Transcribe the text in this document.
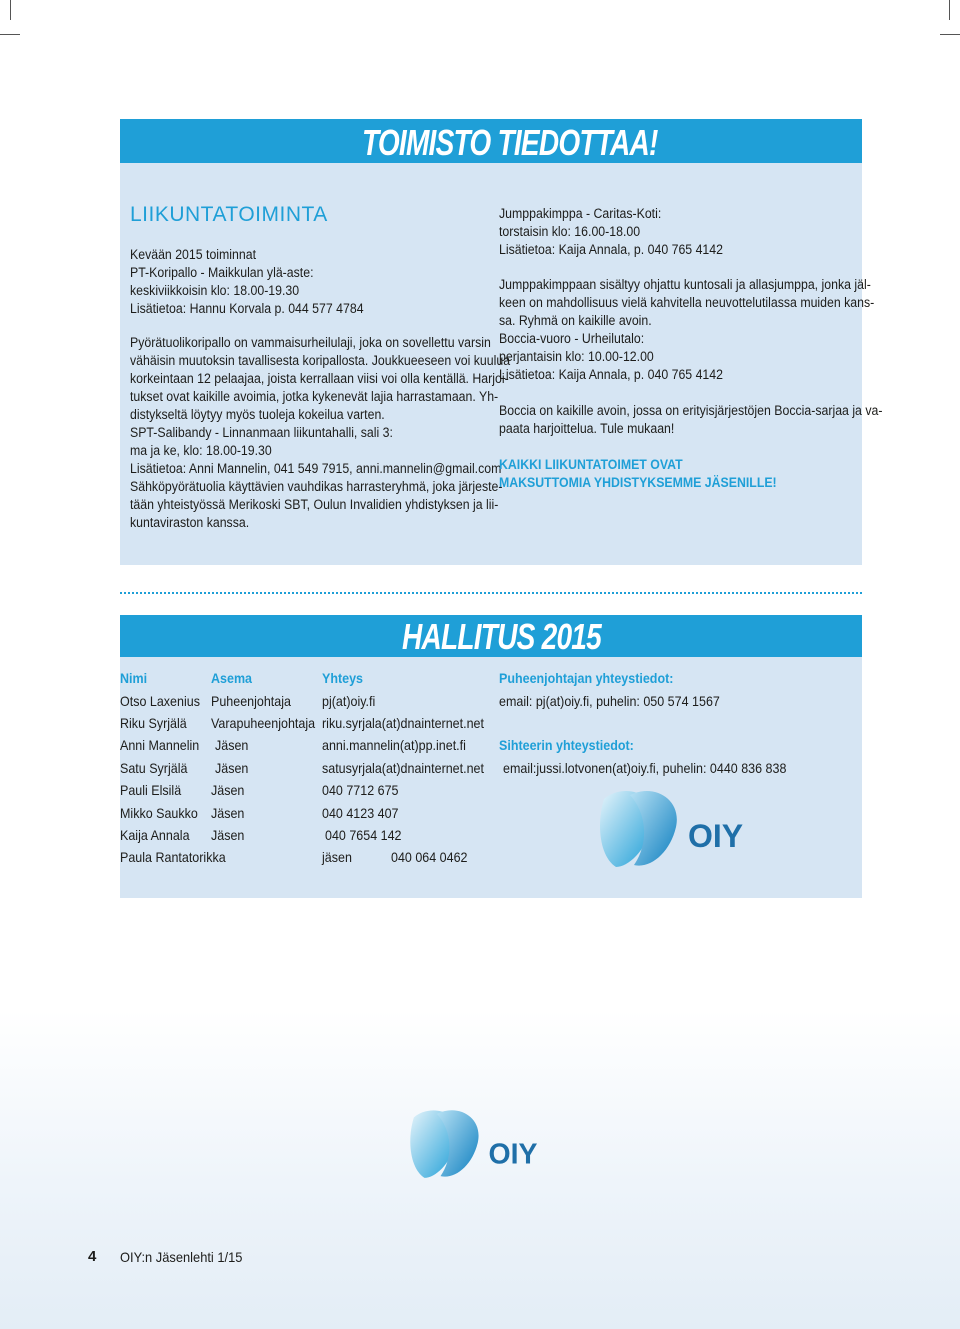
TOIMISTO TIEDOTTAA!
LIIKUNTATOIMINTA
Kevään 2015 toiminnat
PT-Koripallo - Maikkulan ylä-aste:
keskiviikkoisin klo: 18.00-19.30
Lisätietoa: Hannu Korvala p. 044 577 4784
Pyörätuolikoripallo on vammaisurheilulaji, joka on sovellettu varsin
vähäisin muutoksin tavallisesta koripallosta. Joukkueeseen voi kuulua
korkeintaan 12 pelaajaa, joista kerrallaan viisi voi olla kentällä. Harjoi-
tukset ovat kaikille avoimia, jotka kykenevät lajia harrastamaan. Yh-
distykseltä löytyy myös tuoleja kokeilua varten.
SPT-Salibandy - Linnanmaan liikuntahalli, sali 3:
ma ja ke, klo: 18.00-19.30
Lisätietoa: Anni Mannelin, 041 549 7915, anni.mannelin@gmail.com
Sähköpyörätuolia käyttävien vauhdikas harrasteryhmä, joka järjeste-
tään yhteistyössä Merikoski SBT, Oulun Invalidien yhdistyksen ja lii-
kuntaviraston kanssa.
Jumppakimppa - Caritas-Koti:
torstaisin klo: 16.00-18.00
Lisätietoa: Kaija Annala, p. 040 765 4142
Jumppakimppaan sisältyy ohjattu kuntosali ja allasjumppa, jonka jäl-
keen on mahdollisuus vielä kahvitella neuvottelutilassa muiden kans-
sa. Ryhmä on kaikille avoin.
Boccia-vuoro - Urheilutalo:
perjantaisin klo: 10.00-12.00
Lisätietoa: Kaija Annala, p. 040 765 4142
Boccia on kaikille avoin, jossa on erityisjärjestöjen Boccia-sarjaa ja va-
paata harjoittelua. Tule mukaan!
KAIKKI LIIKUNTATOIMET OVAT
MAKSUTTOMIA YHDISTYKSEMME JÄSENILLE!
HALLITUS 2015
Nimi	Asema	Yhteys
Otso Laxenius Puheenjohtaja pj(at)oiy.fi
Riku Syrjälä Varapuheenjohtaja riku.syrjala(at)dnainternet.net
Anni Mannelin Jäsen	anni.mannelin(at)pp.inet.fi
Satu Syrjälä Jäsen	satusyrjala(at)dnainternet.net
Pauli Elsilä Jäsen	040 7712 675
Mikko Saukko Jäsen	040 4123 407
Kaija Annala Jäsen	040 7654 142
Paula Rantatorikka	jäsen	040 064 0462
Puheenjohtajan yhteystiedot:
email: pj(at)oiy.fi, puhelin: 050 574 1567
Sihteerin yhteystiedot:
email:jussi.lotvonen(at)oiy.fi, puhelin: 0440 836 838
OIY
OIY
4 OIY:n Jäsenlehti 1/15
